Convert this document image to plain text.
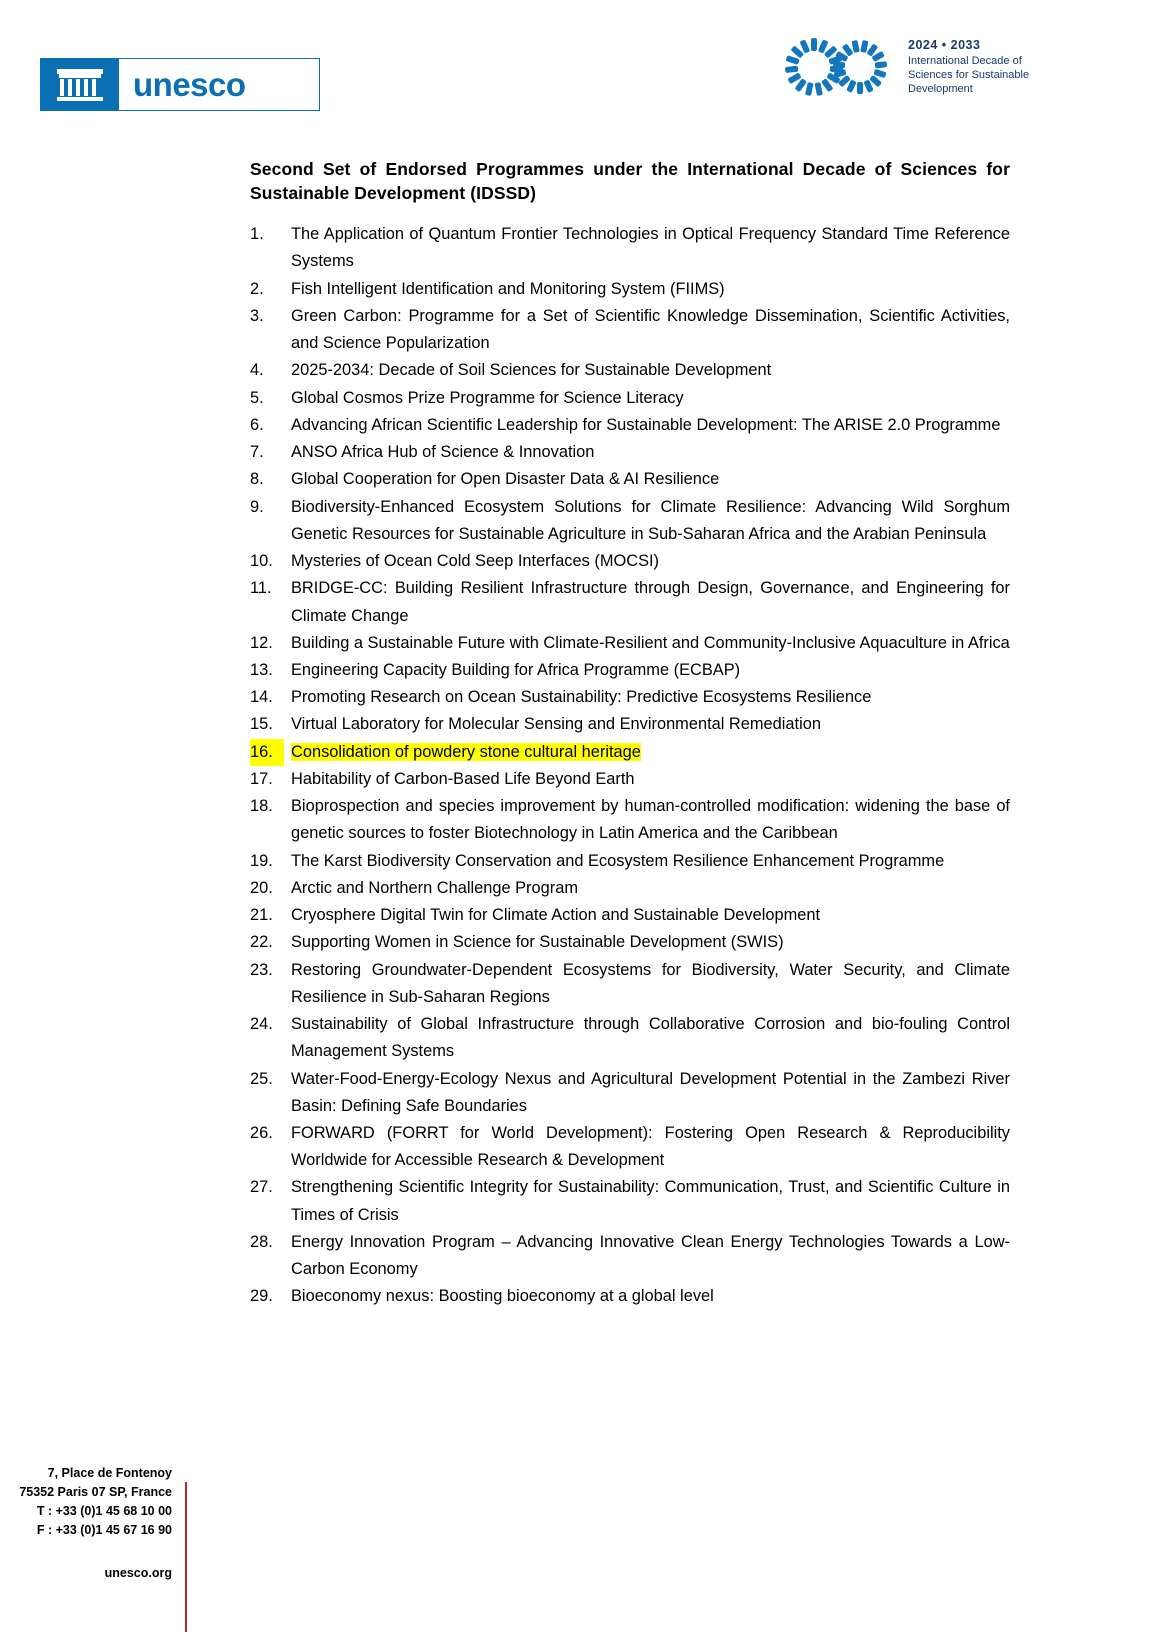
unesco
2024 • 2033
International Decade of Sciences for Sustainable Development
Second Set of Endorsed Programmes under the International Decade of Sciences for Sustainable Development (IDSSD)
1.	The Application of Quantum Frontier Technologies in Optical Frequency Standard Time Reference Systems
2.	Fish Intelligent Identification and Monitoring System (FIIMS)
3.	Green Carbon: Programme for a Set of Scientific Knowledge Dissemination, Scientific Activities, and Science Popularization
4.	2025-2034: Decade of Soil Sciences for Sustainable Development
5.	Global Cosmos Prize Programme for Science Literacy
6.	Advancing African Scientific Leadership for Sustainable Development: The ARISE 2.0 Programme
7.	ANSO Africa Hub of Science & Innovation
8.	Global Cooperation for Open Disaster Data & AI Resilience
9.	Biodiversity-Enhanced Ecosystem Solutions for Climate Resilience: Advancing Wild Sorghum Genetic Resources for Sustainable Agriculture in Sub-Saharan Africa and the Arabian Peninsula
10.	Mysteries of Ocean Cold Seep Interfaces (MOCSI)
11.	BRIDGE-CC: Building Resilient Infrastructure through Design, Governance, and Engineering for Climate Change
12.	Building a Sustainable Future with Climate-Resilient and Community-Inclusive Aquaculture in Africa
13.	Engineering Capacity Building for Africa Programme (ECBAP)
14.	Promoting Research on Ocean Sustainability: Predictive Ecosystems Resilience
15.	Virtual Laboratory for Molecular Sensing and Environmental Remediation
16.	Consolidation of powdery stone cultural heritage
17.	Habitability of Carbon-Based Life Beyond Earth
18.	Bioprospection and species improvement by human-controlled modification: widening the base of genetic sources to foster Biotechnology in Latin America and the Caribbean
19.	The Karst Biodiversity Conservation and Ecosystem Resilience Enhancement Programme
20.	Arctic and Northern Challenge Program
21.	Cryosphere Digital Twin for Climate Action and Sustainable Development
22.	Supporting Women in Science for Sustainable Development (SWIS)
23.	Restoring Groundwater-Dependent Ecosystems for Biodiversity, Water Security, and Climate Resilience in Sub-Saharan Regions
24.	Sustainability of Global Infrastructure through Collaborative Corrosion and bio-fouling Control Management Systems
25.	Water-Food-Energy-Ecology Nexus and Agricultural Development Potential in the Zambezi River Basin: Defining Safe Boundaries
26.	FORWARD (FORRT for World Development): Fostering Open Research & Reproducibility Worldwide for Accessible Research & Development
27.	Strengthening Scientific Integrity for Sustainability: Communication, Trust, and Scientific Culture in Times of Crisis
28.	Energy Innovation Program – Advancing Innovative Clean Energy Technologies Towards a Low-Carbon Economy
29.	Bioeconomy nexus: Boosting bioeconomy at a global level
7, Place de Fontenoy
75352 Paris 07 SP, France
T : +33 (0)1 45 68 10 00
F : +33 (0)1 45 67 16 90
unesco.org
